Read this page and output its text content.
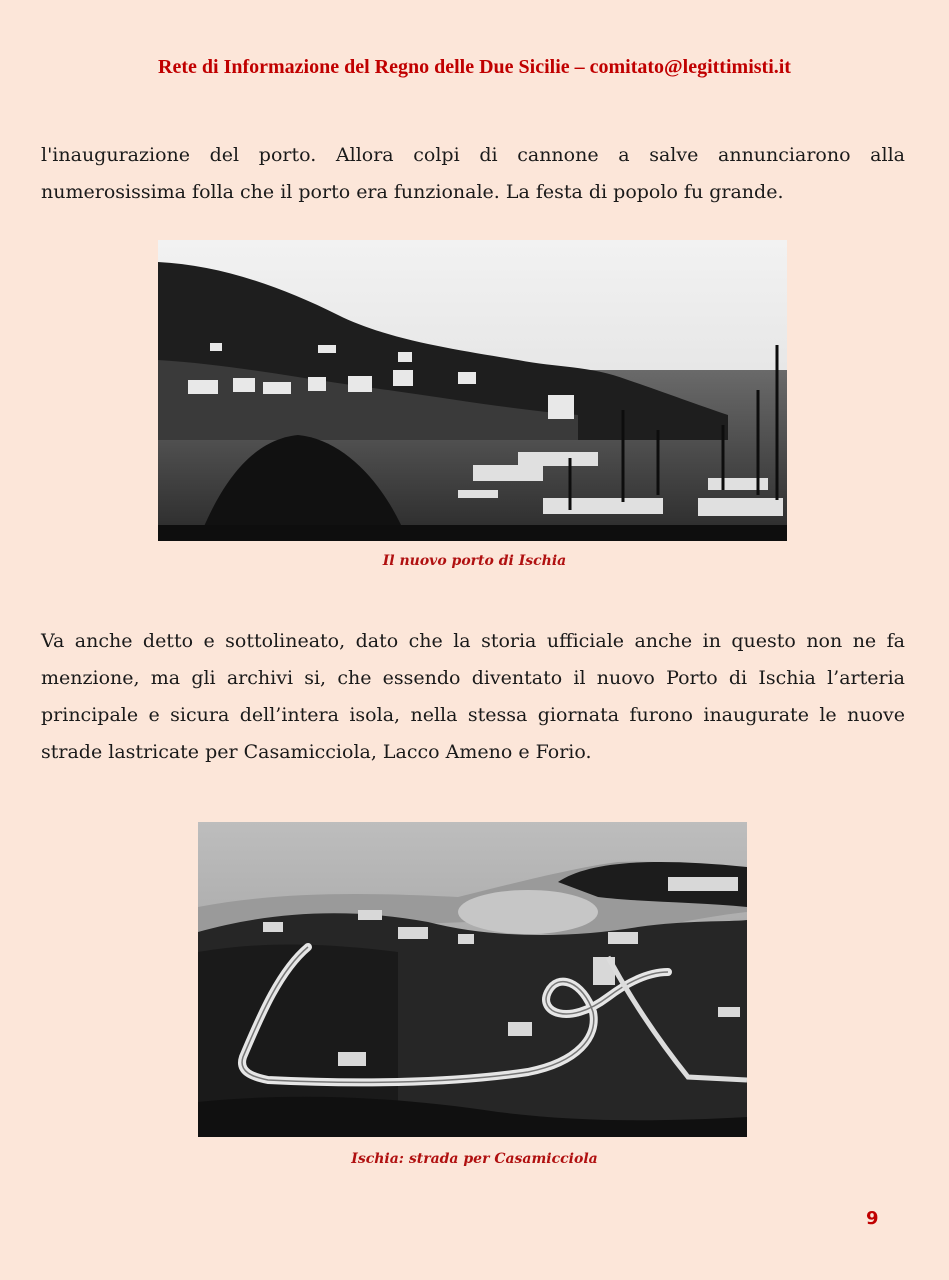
Rete di Informazione del Regno delle Due Sicilie – comitato@legittimisti.it
l'inaugurazione del porto. Allora colpi di cannone a salve annunciarono alla numerosissima folla che il porto era funzionale. La festa di popolo fu grande.
Il nuovo porto di Ischia
Va anche detto e sottolineato, dato che la storia ufficiale anche in questo non ne fa menzione, ma gli archivi si, che essendo diventato il nuovo Porto di Ischia l’arteria principale e sicura dell’intera isola, nella stessa giornata furono inaugurate le nuove strade lastricate per Casamicciola, Lacco Ameno e Forio.
Ischia: strada per Casamicciola
9
